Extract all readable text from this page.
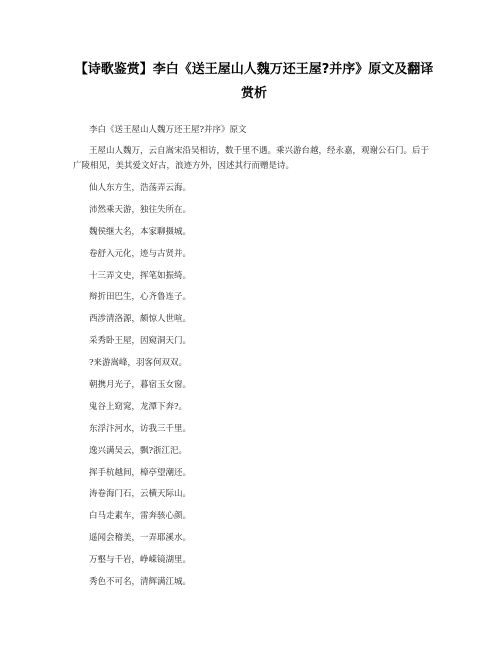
【诗歌鉴赏】李白《送王屋山人魏万还王屋?并序》原文及翻译赏析

李白《送王屋山人魏万还王屋?并序》原文

王屋山人魏万，云自嵩宋沿吴相访，数千里不遇。乘兴游台越，经永嘉，观谢公石门。后于广陵相见，美其爱文好古，浪迹方外，因述其行而赠是诗。

仙人东方生，浩荡弄云海。
沛然乘天游，独往失所在。
魏侯继大名，本家聊摄城。
卷舒入元化，迹与古贤并。
十三弄文史，挥笔如振绮。
辩折田巴生，心齐鲁连子。
西涉清洛源，颇惊人世喧。
采秀卧王屋，因窥洞天门。
?来游嵩峰，羽客何双双。
朝携月光子，暮宿玉女窗。
鬼谷上窈窕，龙潭下奔?。
东浮汴河水，访我三千里。
逸兴满吴云，飘?浙江汜。
挥手杭越间，樟亭望潮还。
涛卷海门石，云横天际山。
白马走素车，雷奔骇心颜。
遥闻会稽美，一弄耶溪水。
万壑与千岩，峥嵘镜湖里。
秀色不可名，清辉满江城。
